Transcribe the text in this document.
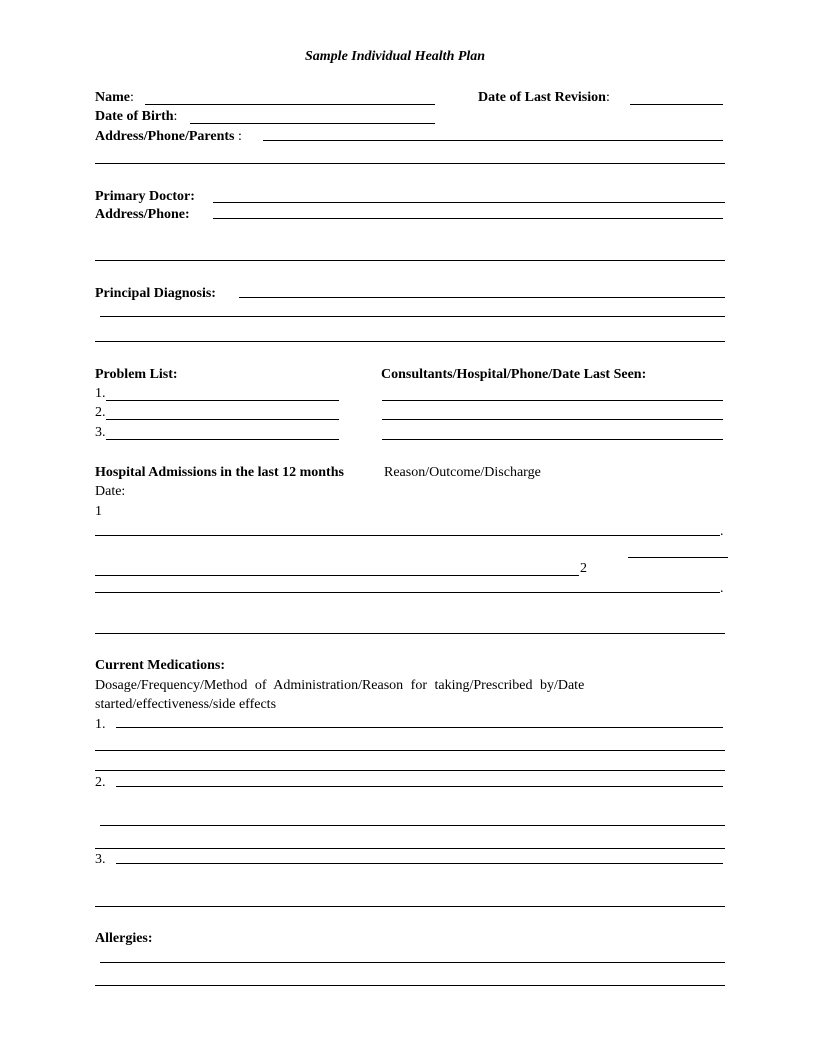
Sample Individual Health Plan
Name:	Date of Last Revision:
Date of Birth:
Address/Phone/Parents :
Primary Doctor:
Address/Phone:
Principal Diagnosis:
Problem List:	Consultants/Hospital/Phone/Date Last Seen:
1.
2.
3.
Hospital Admissions in the last 12 months	Reason/Outcome/Discharge
Date:
1
.
2
.
Current Medications:
Dosage/Frequency/Method of Administration/Reason for taking/Prescribed by/Date
started/effectiveness/side effects
1.
2.
3.
Allergies:
